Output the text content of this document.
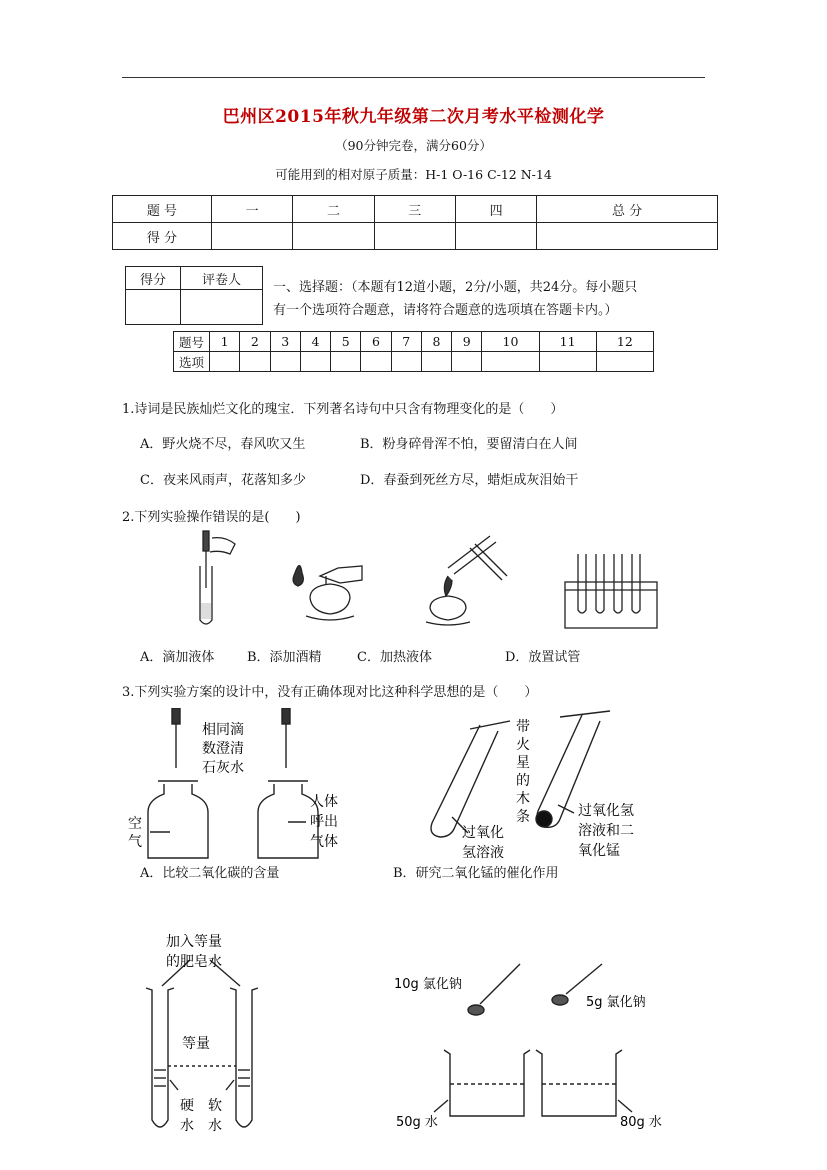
巴州区2015年秋九年级第二次月考水平检测化学
（90分钟完卷，满分60分）
可能用到的相对原子质量：H-1 O-16 C-12 N-14
题 号	一	二	三	四	总 分
得 分					
得分	评卷人
	一、选择题：（本题有12道小题，2分/小题，共24分。每小题只
有一个选项符合题意，请将符合题意的选项填在答题卡内。）
题号	1	2	3	4	5	6	7	8	9	10	11	12
选项												
1.诗词是民族灿烂文化的瑰宝．下列著名诗句中只含有物理变化的是（　　）
A．野火烧不尽，春风吹又生	B．粉身碎骨浑不怕，要留清白在人间
C．夜来风雨声，花落知多少	D．春蚕到死丝方尽，蜡炬成灰泪始干
2.下列实验操作错误的是(　　)
A．滴加液体	B．添加酒精	C．加热液体	D．放置试管
3.下列实验方案的设计中，没有正确体现对比这种科学思想的是（　　）
相同滴
数澄清
石灰水
空
气
人体
呼出
气体
A．比较二氧化碳的含量
带
火
星
的
木
条
过氧化
氢溶液
过氧化氢
溶液和二
氧化锰
B．研究二氧化锰的催化作用
加入等量
的肥皂水
等量
硬
水
软
水
10g 氯化钠
5g 氯化钠
50g 水	80g 水
